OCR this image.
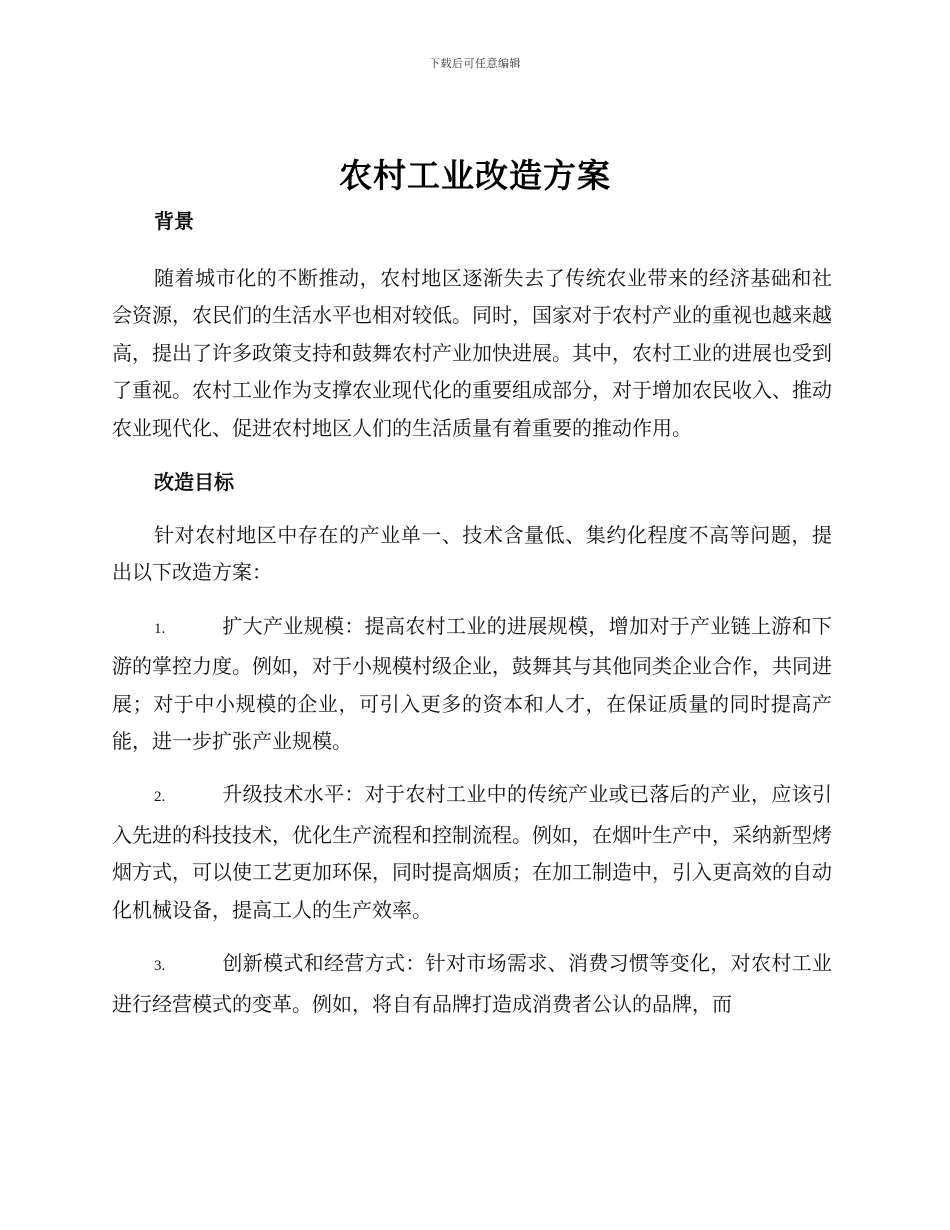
下载后可任意编辑
农村工业改造方案
背景

随着城市化的不断推动，农村地区逐渐失去了传统农业带来的经济基础和社会资源，农民们的生活水平也相对较低。同时，国家对于农村产业的重视也越来越高，提出了许多政策支持和鼓舞农村产业加快进展。其中，农村工业的进展也受到了重视。农村工业作为支撑农业现代化的重要组成部分，对于增加农民收入、推动农业现代化、促进农村地区人们的生活质量有着重要的推动作用。

改造目标

针对农村地区中存在的产业单一、技术含量低、集约化程度不高等问题，提出以下改造方案：

1.	扩大产业规模：提高农村工业的进展规模，增加对于产业链上游和下游的掌控力度。例如，对于小规模村级企业，鼓舞其与其他同类企业合作，共同进展；对于中小规模的企业，可引入更多的资本和人才，在保证质量的同时提高产能，进一步扩张产业规模。

2.	升级技术水平：对于农村工业中的传统产业或已落后的产业，应该引入先进的科技技术，优化生产流程和控制流程。例如，在烟叶生产中，采纳新型烤烟方式，可以使工艺更加环保，同时提高烟质；在加工制造中，引入更高效的自动化机械设备，提高工人的生产效率。

3.	创新模式和经营方式：针对市场需求、消费习惯等变化，对农村工业进行经营模式的变革。例如，将自有品牌打造成消费者公认的品牌，而
